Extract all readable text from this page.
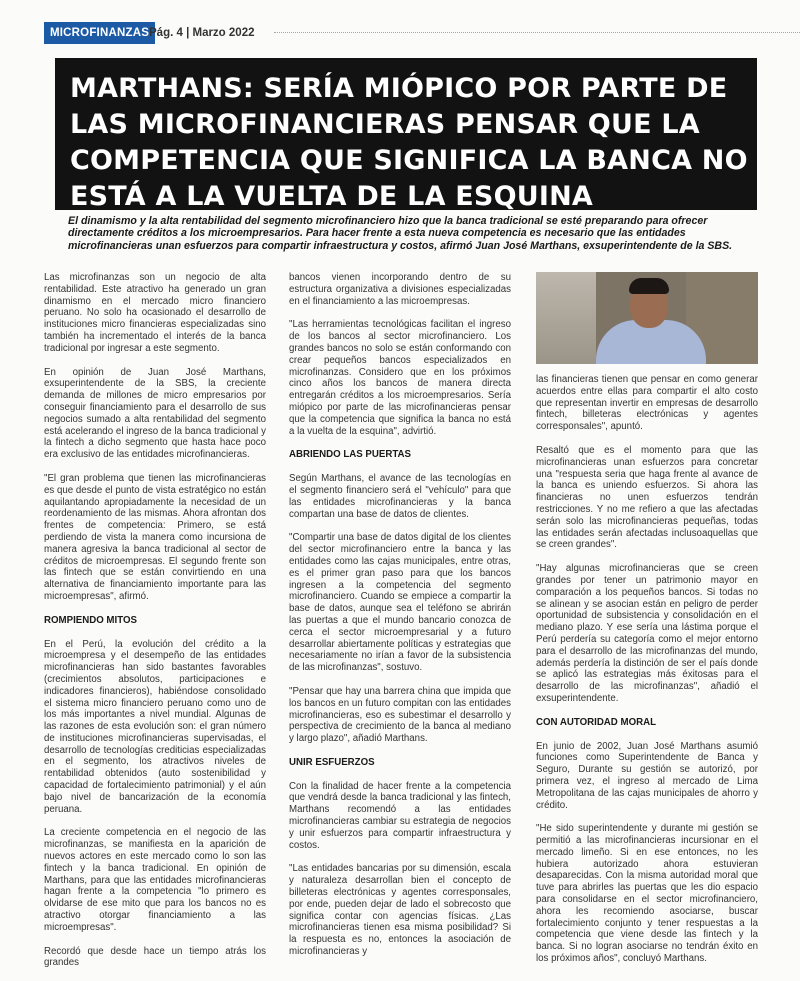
MICROFINANZAS Pág. 4 | Marzo 2022
MARTHANS: SERÍA MIÓPICO POR PARTE DE LAS MICROFINANCIERAS PENSAR QUE LA COMPETENCIA QUE SIGNIFICA LA BANCA NO ESTÁ A LA VUELTA DE LA ESQUINA

El dinamismo y la alta rentabilidad del segmento microfinanciero hizo que la banca tradicional se esté preparando para ofrecer directamente créditos a los microempresarios. Para hacer frente a esta nueva competencia es necesario que las entidades microfinancieras unan esfuerzos para compartir infraestructura y costos, afirmó Juan José Marthans, exsuperintendente de la SBS.

Las microfinanzas son un negocio de alta rentabilidad. Este atractivo ha generado un gran dinamismo en el mercado micro financiero peruano. No solo ha ocasionado el desarrollo de instituciones micro financieras especializadas sino también ha incrementado el interés de la banca tradicional por ingresar a este segmento.

En opinión de Juan José Marthans, exsuperintendente de la SBS, la creciente demanda de millones de micro empresarios por conseguir financiamiento para el desarrollo de sus negocios sumado a alta rentabilidad del segmento está acelerando el ingreso de la banca tradicional y la fintech a dicho segmento que hasta hace poco era exclusivo de las entidades microfinancieras.

"El gran problema que tienen las microfinancieras es que desde el punto de vista estratégico no están aquilantando apropiadamente la necesidad de un reordenamiento de las mismas. Ahora afrontan dos frentes de competencia: Primero, se está perdiendo de vista la manera como incursiona de manera agresiva la banca tradicional al sector de créditos de microempresas. El segundo frente son las fintech que se están convirtiendo en una alternativa de financiamiento importante para las microempresas", afirmó.

ROMPIENDO MITOS

En el Perú, la evolución del crédito a la microempresa y el desempeño de las entidades microfinancieras han sido bastantes favorables (crecimientos absolutos, participaciones e indicadores financieros), habiéndose consolidado el sistema micro financiero peruano como uno de los más importantes a nivel mundial. Algunas de las razones de esta evolución son: el gran número de instituciones microfinancieras supervisadas, el desarrollo de tecnologías crediticias especializadas en el segmento, los atractivos niveles de rentabilidad obtenidos (auto sostenibilidad y capacidad de fortalecimiento patrimonial) y el aún bajo nivel de bancarización de la economía peruana.

La creciente competencia en el negocio de las microfinanzas, se manifiesta en la aparición de nuevos actores en este mercado como lo son las fintech y la banca tradicional. En opinión de Marthans, para que las entidades microfinancieras hagan frente a la competencia "lo primero es olvidarse de ese mito que para los bancos no es atractivo otorgar financiamiento a las microempresas".

Recordó que desde hace un tiempo atrás los grandes

bancos vienen incorporando dentro de su estructura organizativa a divisiones especializadas en el financiamiento a las microempresas.

"Las herramientas tecnológicas facilitan el ingreso de los bancos al sector microfinanciero. Los grandes bancos no solo se están conformando con crear pequeños bancos especializados en microfinanzas. Considero que en los próximos cinco años los bancos de manera directa entregarán créditos a los microempresarios. Sería miópico por parte de las microfinancieras pensar que la competencia que significa la banca no está a la vuelta de la esquina", advirtió.

ABRIENDO LAS PUERTAS

Según Marthans, el avance de las tecnologías en el segmento financiero será el "vehículo" para que las entidades microfinancieras y la banca compartan una base de datos de clientes.

"Compartir una base de datos digital de los clientes del sector microfinanciero entre la banca y las entidades como las cajas municipales, entre otras, es el primer gran paso para que los bancos ingresen a la competencia del segmento microfinanciero. Cuando se empiece a compartir la base de datos, aunque sea el teléfono se abrirán las puertas a que el mundo bancario conozca de cerca el sector microempresarial y a futuro desarrollar abiertamente políticas y estrategias que necesariamente no irían a favor de la subsistencia de las microfinanzas", sostuvo.

"Pensar que hay una barrera china que impida que los bancos en un futuro compitan con las entidades microfinancieras, eso es subestimar el desarrollo y perspectiva de crecimiento de la banca al mediano y largo plazo", añadió Marthans.

UNIR ESFUERZOS

Con la finalidad de hacer frente a la competencia que vendrá desde la banca tradicional y las fintech, Marthans recomendó a las entidades microfinancieras cambiar su estrategia de negocios y unir esfuerzos para compartir infraestructura y costos.

"Las entidades bancarias por su dimensión, escala y naturaleza desarrollan bien el concepto de billeteras electrónicas y agentes corresponsales, por ende, pueden dejar de lado el sobrecosto que significa contar con agencias físicas. ¿Las microfinancieras tienen esa misma posibilidad? Si la respuesta es no, entonces la asociación de microfinancieras y

las financieras tienen que pensar en como generar acuerdos entre ellas para compartir el alto costo que representan invertir en empresas de desarrollo fintech, billeteras electrónicas y agentes corresponsales", apuntó.

Resaltó que es el momento para que las microfinancieras unan esfuerzos para concretar una "respuesta seria que haga frente al avance de la banca es uniendo esfuerzos. Si ahora las financieras no unen esfuerzos tendrán restricciones. Y no me refiero a que las afectadas serán solo las microfinancieras pequeñas, todas las entidades serán afectadas inclusoaquellas que se creen grandes".

"Hay algunas microfinancieras que se creen grandes por tener un patrimonio mayor en comparación a los pequeños bancos. Si todas no se alinean y se asocian están en peligro de perder oportunidad de subsistencia y consolidación en el mediano plazo. Y ese sería una lástima porque el Perú perdería su categoría como el mejor entorno para el desarrollo de las microfinanzas del mundo, además perdería la distinción de ser el país donde se aplicó las estrategias más éxitosas para el desarrollo de las microfinanzas", añadió el exsuperintendente.

CON AUTORIDAD MORAL

En junio de 2002, Juan José Marthans asumió funciones como Superintendente de Banca y Seguro, Durante su gestión se autorizó, por primera vez, el ingreso al mercado de Lima Metropolitana de las cajas municipales de ahorro y crédito.

"He sido superintendente y durante mi gestión se permitió a las microfinancieras incursionar en el mercado limeño. Si en ese entonces, no les hubiera autorizado ahora estuvieran desaparecidas. Con la misma autoridad moral que tuve para abrirles las puertas que les dio espacio para consolidarse en el sector microfinanciero, ahora les recomiendo asociarse, buscar fortalecimiento conjunto y tener respuestas a la competencia que viene desde las fintech y la banca. Si no logran asociarse no tendrán éxito en los próximos años", concluyó Marthans.
